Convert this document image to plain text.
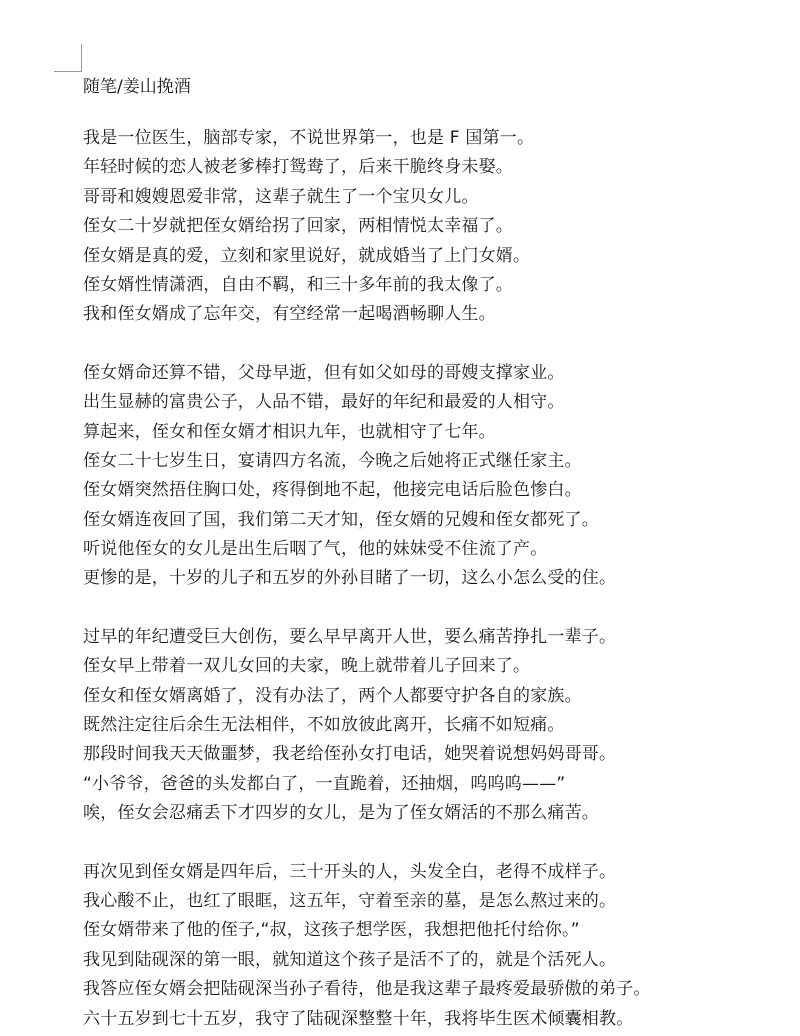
随笔/姜山挽酒
我是一位医生，脑部专家，不说世界第一，也是 F 国第一。
年轻时候的恋人被老爹棒打鸳鸯了，后来干脆终身未娶。
哥哥和嫂嫂恩爱非常，这辈子就生了一个宝贝女儿。
侄女二十岁就把侄女婿给拐了回家，两相情悦太幸福了。
侄女婿是真的爱，立刻和家里说好，就成婚当了上门女婿。
侄女婿性情潇洒，自由不羁，和三十多年前的我太像了。
我和侄女婿成了忘年交，有空经常一起喝酒畅聊人生。
侄女婿命还算不错，父母早逝，但有如父如母的哥嫂支撑家业。
出生显赫的富贵公子，人品不错，最好的年纪和最爱的人相守。
算起来，侄女和侄女婿才相识九年，也就相守了七年。
侄女二十七岁生日，宴请四方名流，今晚之后她将正式继任家主。
侄女婿突然捂住胸口处，疼得倒地不起，他接完电话后脸色惨白。
侄女婿连夜回了国，我们第二天才知，侄女婿的兄嫂和侄女都死了。
听说他侄女的女儿是出生后咽了气，他的妹妹受不住流了产。
更惨的是，十岁的儿子和五岁的外孙目睹了一切，这么小怎么受的住。
过早的年纪遭受巨大创伤，要么早早离开人世，要么痛苦挣扎一辈子。
侄女早上带着一双儿女回的夫家，晚上就带着儿子回来了。
侄女和侄女婿离婚了，没有办法了，两个人都要守护各自的家族。
既然注定往后余生无法相伴，不如放彼此离开，长痛不如短痛。
那段时间我天天做噩梦，我老给侄孙女打电话，她哭着说想妈妈哥哥。
“小爷爷，爸爸的头发都白了，一直跪着，还抽烟，呜呜呜——”
唉，侄女会忍痛丢下才四岁的女儿，是为了侄女婿活的不那么痛苦。
再次见到侄女婿是四年后，三十开头的人，头发全白，老得不成样子。
我心酸不止，也红了眼眶，这五年，守着至亲的墓，是怎么熬过来的。
侄女婿带来了他的侄子,“叔，这孩子想学医，我想把他托付给你。”
我见到陆砚深的第一眼，就知道这个孩子是活不了的，就是个活死人。
我答应侄女婿会把陆砚深当孙子看待，他是我这辈子最疼爱最骄傲的弟子。
六十五岁到七十五岁，我守了陆砚深整整十年，我将毕生医术倾囊相教。
